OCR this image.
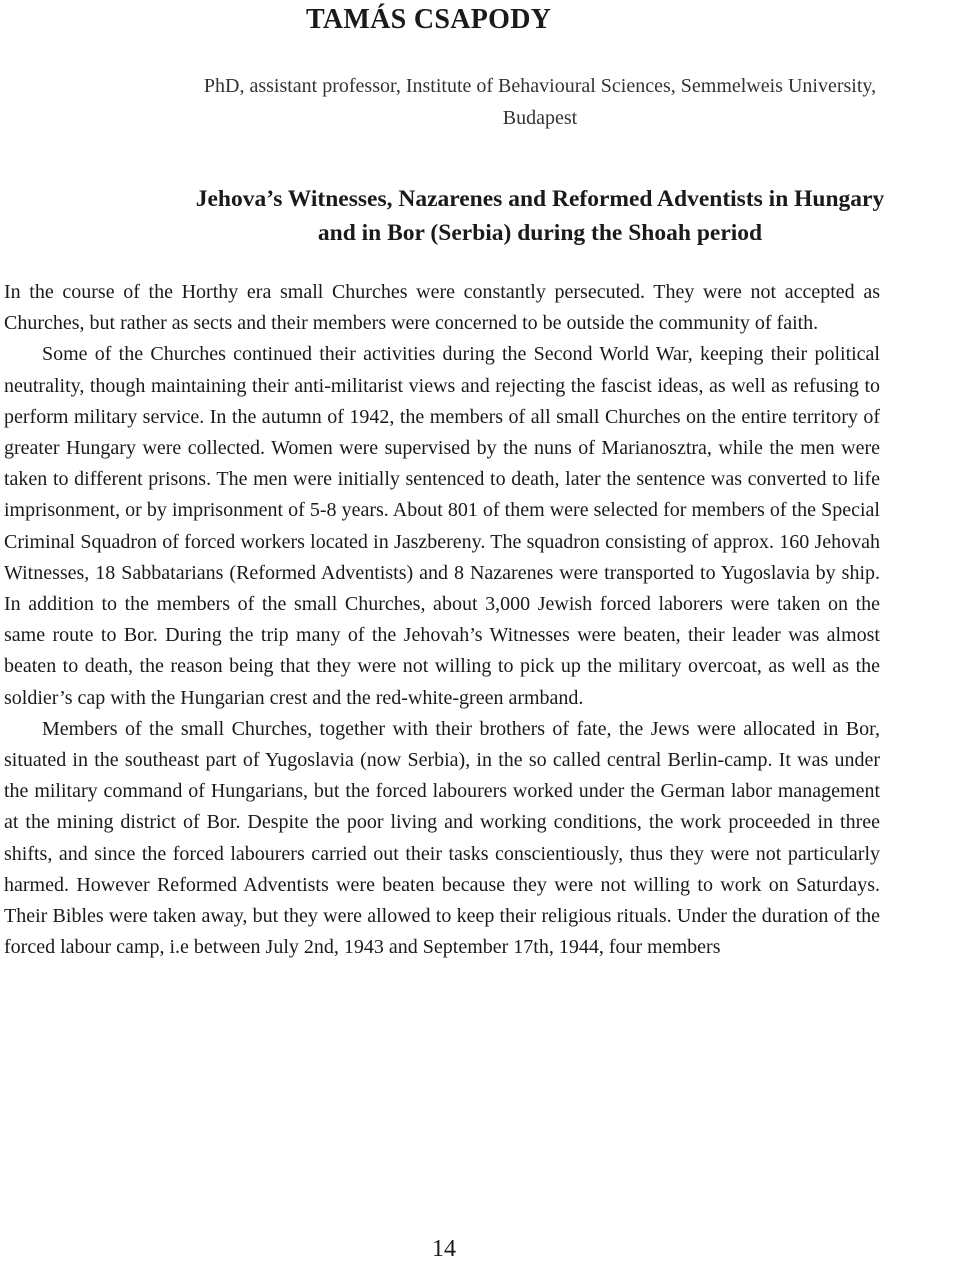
TAMÁS CSAPODY

PhD, assistant professor, Institute of Behavioural Sciences, Semmelweis University, Budapest

Jehova’s Witnesses, Nazarenes and Reformed Adventists in Hungary
and in Bor (Serbia) during the Shoah period

In the course of the Horthy era small Churches were constantly persecuted. They were not accepted as Churches, but rather as sects and their members were concerned to be outside the community of faith.

Some of the Churches continued their activities during the Second World War, keeping their political neutrality, though maintaining their anti-militarist views and rejecting the fascist ideas, as well as refusing to perform military service. In the autumn of 1942, the members of all small Churches on the entire territory of greater Hungary were collected. Women were supervised by the nuns of Marianosztra, while the men were taken to different prisons. The men were initially sentenced to death, later the sentence was converted to life imprisonment, or by imprisonment of 5-8 years. About 801 of them were selected for members of the Special Criminal Squadron of forced workers located in Jaszbereny. The squadron consisting of approx. 160 Jehovah Witnesses, 18 Sabbatarians (Reformed Adventists) and 8 Nazarenes were transported to Yugoslavia by ship. In addition to the members of the small Churches, about 3,000 Jewish forced laborers were taken on the same route to Bor. During the trip many of the Jehovah’s Witnesses were beaten, their leader was almost beaten to death, the reason being that they were not willing to pick up the military overcoat, as well as the soldier’s cap with the Hungarian crest and the red-white-green armband.

Members of the small Churches, together with their brothers of fate, the Jews were allocated in Bor, situated in the southeast part of Yugoslavia (now Serbia), in the so called central Berlin-camp. It was under the military command of Hungarians, but the forced labourers worked under the German labor management at the mining district of Bor. Despite the poor living and working conditions, the work proceeded in three shifts, and since the forced labourers carried out their tasks conscientiously, thus they were not particularly harmed. However Reformed Adventists were beaten because they were not willing to work on Saturdays. Their Bibles were taken away, but they were allowed to keep their religious rituals. Under the duration of the forced labour camp, i.e between July 2nd, 1943 and September 17th, 1944, four members

14
